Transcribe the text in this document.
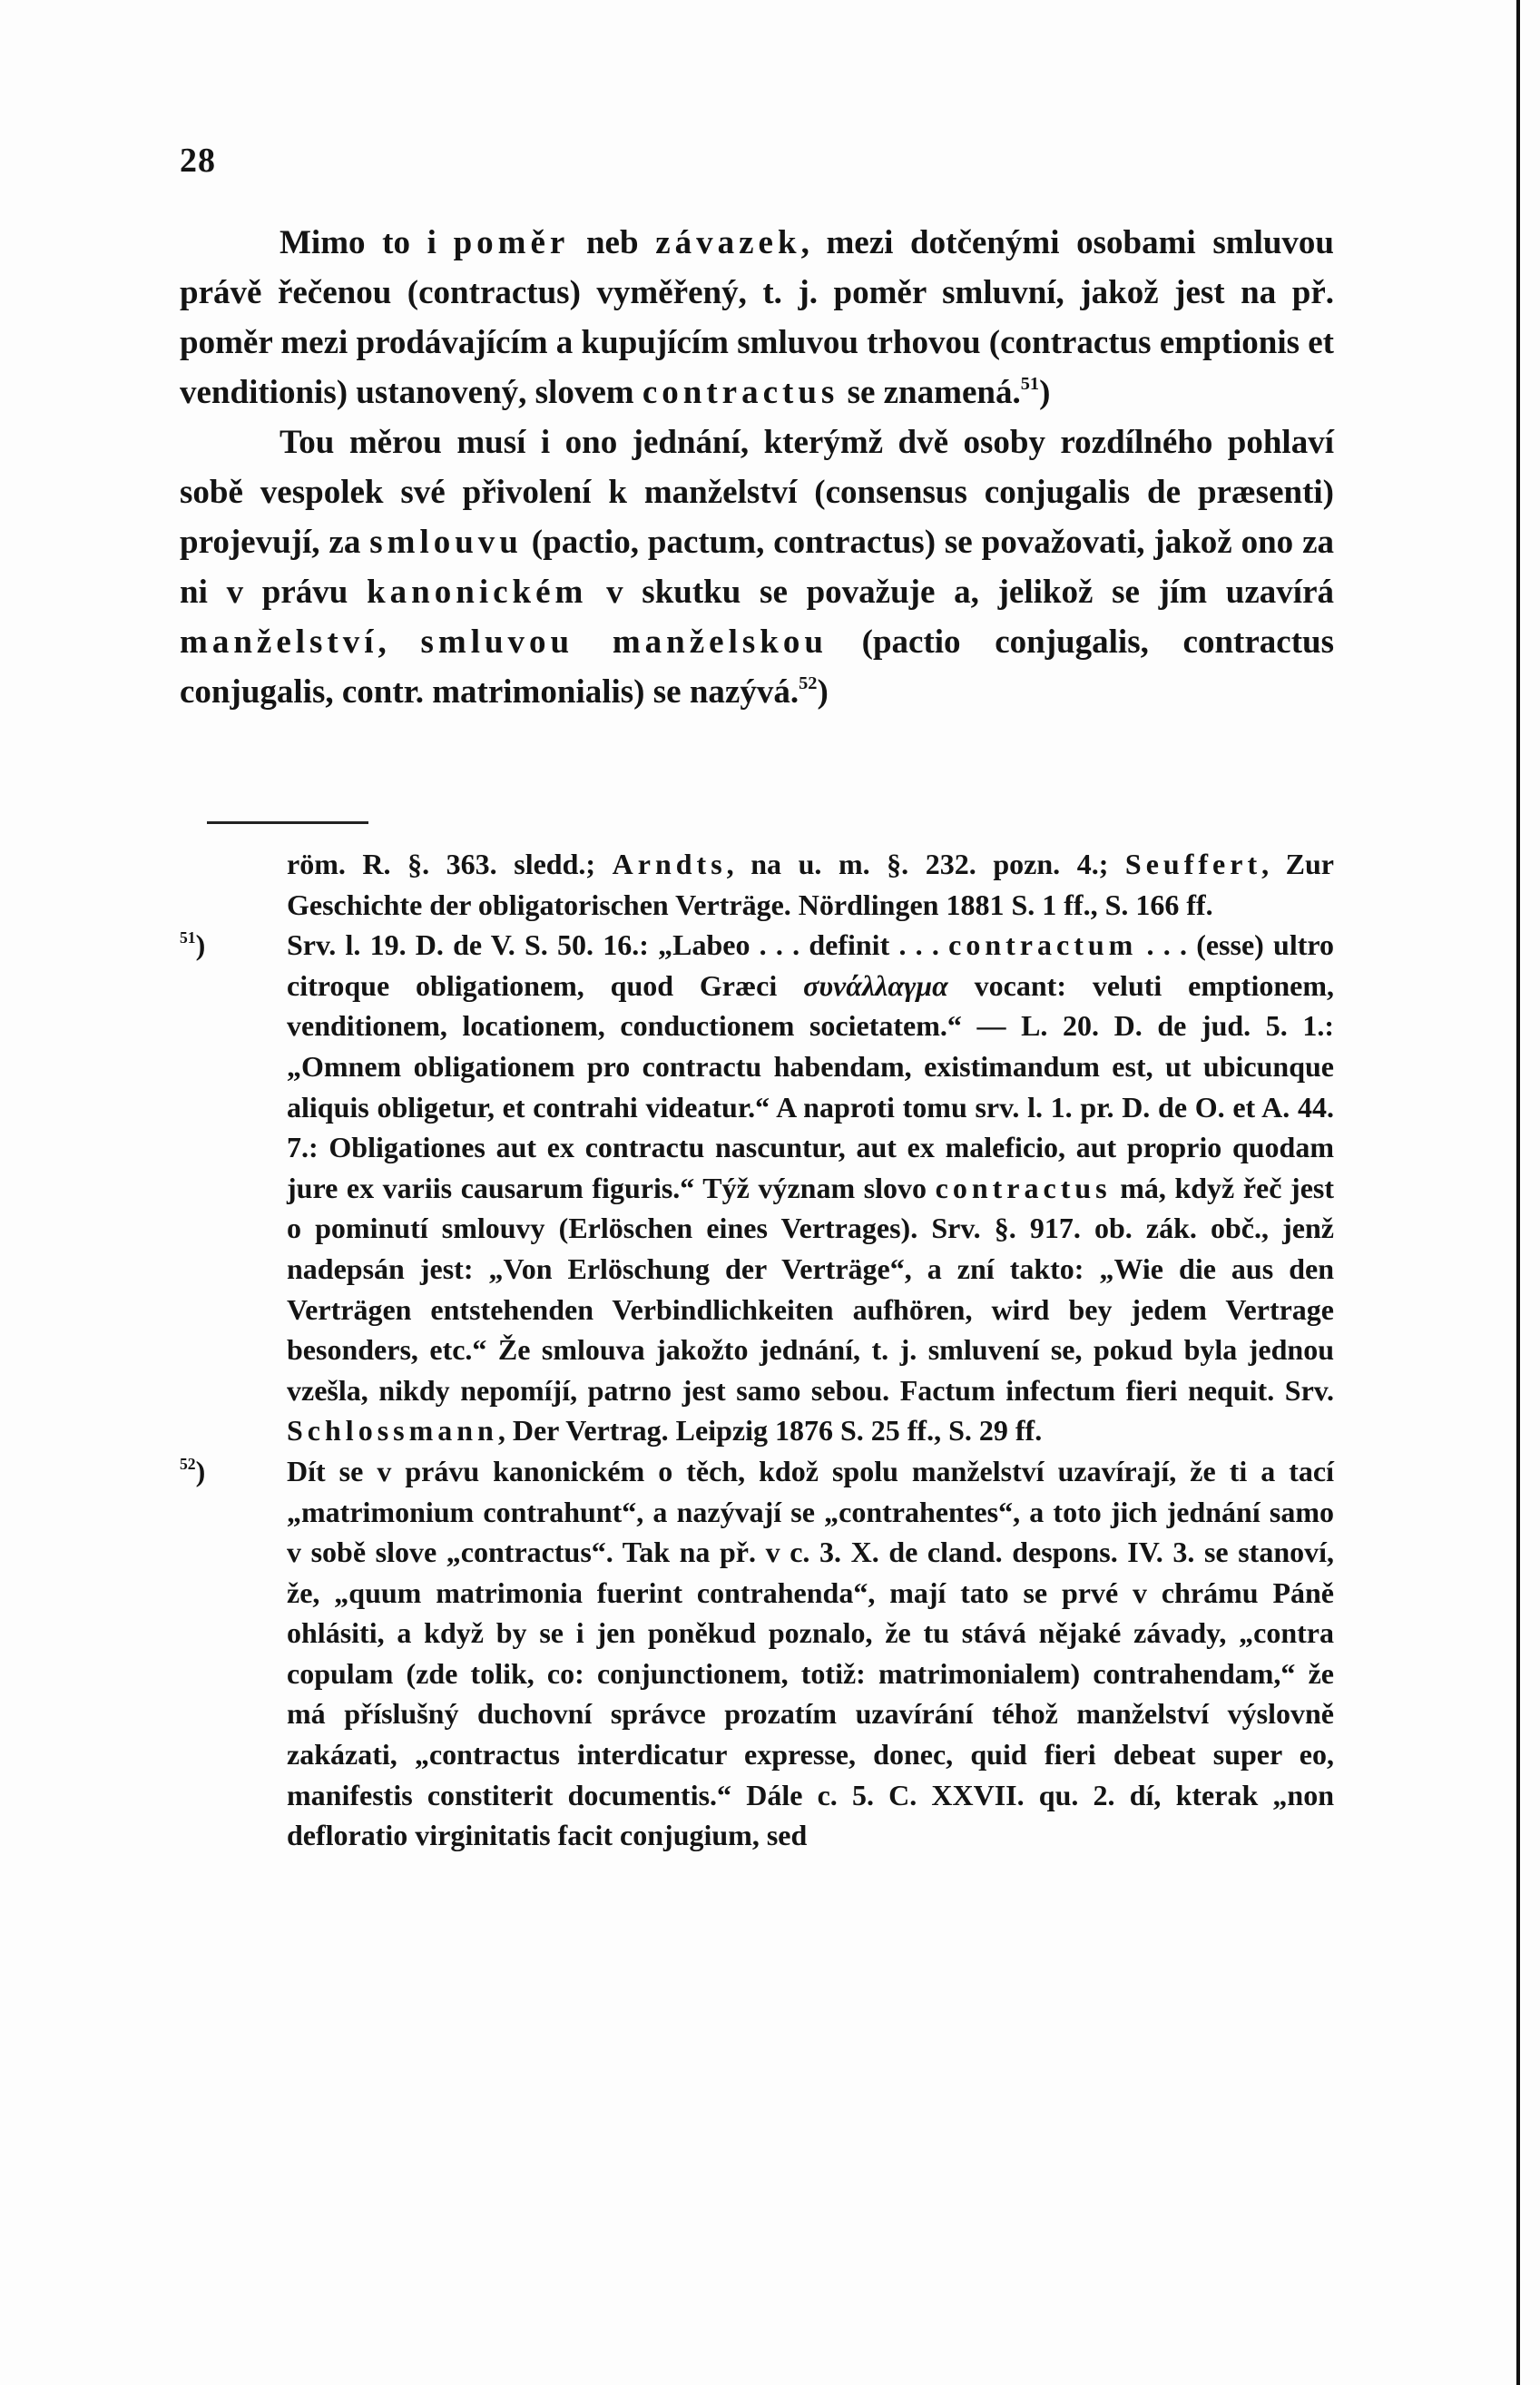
28

Mimo to i poměr neb závazek, mezi dotčenými osobami smluvou právě řečenou (contractus) vyměřený, t. j. poměr smluvní, jakož jest na př. poměr mezi prodávajícím a kupujícím smluvou trhovou (contractus emptionis et venditionis) ustanovený, slovem contractus se znamená.$^{51}$)

Tou měrou musí i ono jednání, kterýmž dvě osoby rozdílného pohlaví sobě vespolek své přivolení k manželství (consensus conjugalis de præsenti) projevují, za smlouvu (pactio, pactum, contractus) se považovati, jakož ono za ni v právu kanonickém v skutku se považuje a, jelikož se jím uzavírá manželství, smluvou manželskou (pactio conjugalis, contractus conjugalis, contr. matrimonialis) se nazývá.$^{52}$)

röm. R. §. 363. sledd.; Arndts, na u. m. §. 232. pozn. 4.; Seuffert, Zur Geschichte der obligatorischen Verträge. Nördlingen 1881 S. 1 ff., S. 166 ff.
$^{51}$)	Srv. l. 19. D. de V. S. 50. 16.: „Labeo . . . definit . . . contractum . . . (esse) ultro citroque obligationem, quod Græci συνάλλαγμα vocant: veluti emptionem, venditionem, locationem, conductionem societatem.“ — L. 20. D. de jud. 5. 1.: „Omnem obligationem pro contractu habendam, existimandum est, ut ubicunque aliquis obligetur, et contrahi videatur.“ A naproti tomu srv. l. 1. pr. D. de O. et A. 44. 7.: Obligationes aut ex contractu nascuntur, aut ex maleficio, aut proprio quodam jure ex variis causarum figuris.“ Týž význam slovo contractus má, když řeč jest o pominutí smlouvy (Erlöschen eines Vertrages). Srv. §. 917. ob. zák. obč., jenž nadepsán jest: „Von Erlöschung der Verträge“, a zní takto: „Wie die aus den Verträgen entstehenden Verbindlichkeiten aufhören, wird bey jedem Vertrage besonders, etc.“ Že smlouva jakožto jednání, t. j. smluvení se, pokud byla jednou vzešla, nikdy nepomíjí, patrno jest samo sebou. Factum infectum fieri nequit. Srv. Schlossmann, Der Vertrag. Leipzig 1876 S. 25 ff., S. 29 ff.
$^{52}$)	Dít se v právu kanonickém o těch, kdož spolu manželství uzavírají, že ti a tací „matrimonium contrahunt“, a nazývají se „contrahentes“, a toto jich jednání samo v sobě slove „contractus“. Tak na př. v c. 3. X. de cland. despons. IV. 3. se stanoví, že, „quum matrimonia fuerint contrahenda“, mají tato se prvé v chrámu Páně ohlásiti, a když by se i jen poněkud poznalo, že tu stává nějaké závady, „contra copulam (zde tolik, co: conjunctionem, totiž: matrimonialem) contrahendam,“ že má příslušný duchovní správce prozatím uzavírání téhož manželství výslovně zakázati, „contractus interdicatur expresse, donec, quid fieri debeat super eo, manifestis constiterit documentis.“ Dále c. 5. C. XXVII. qu. 2. dí, kterak „non defloratio virginitatis facit conjugium, sed
